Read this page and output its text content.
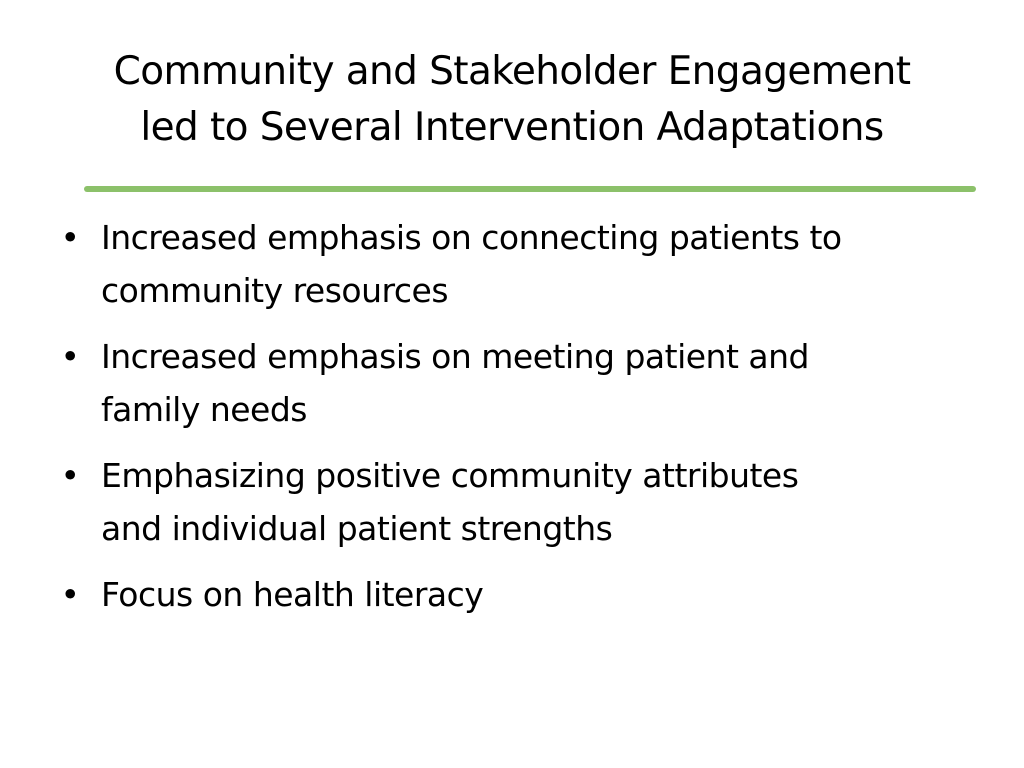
Community and Stakeholder Engagement
led to Several Intervention Adaptations
• Increased emphasis on connecting patients to
community resources
• Increased emphasis on meeting patient and
family needs
• Emphasizing positive community attributes
and individual patient strengths
• Focus on health literacy
